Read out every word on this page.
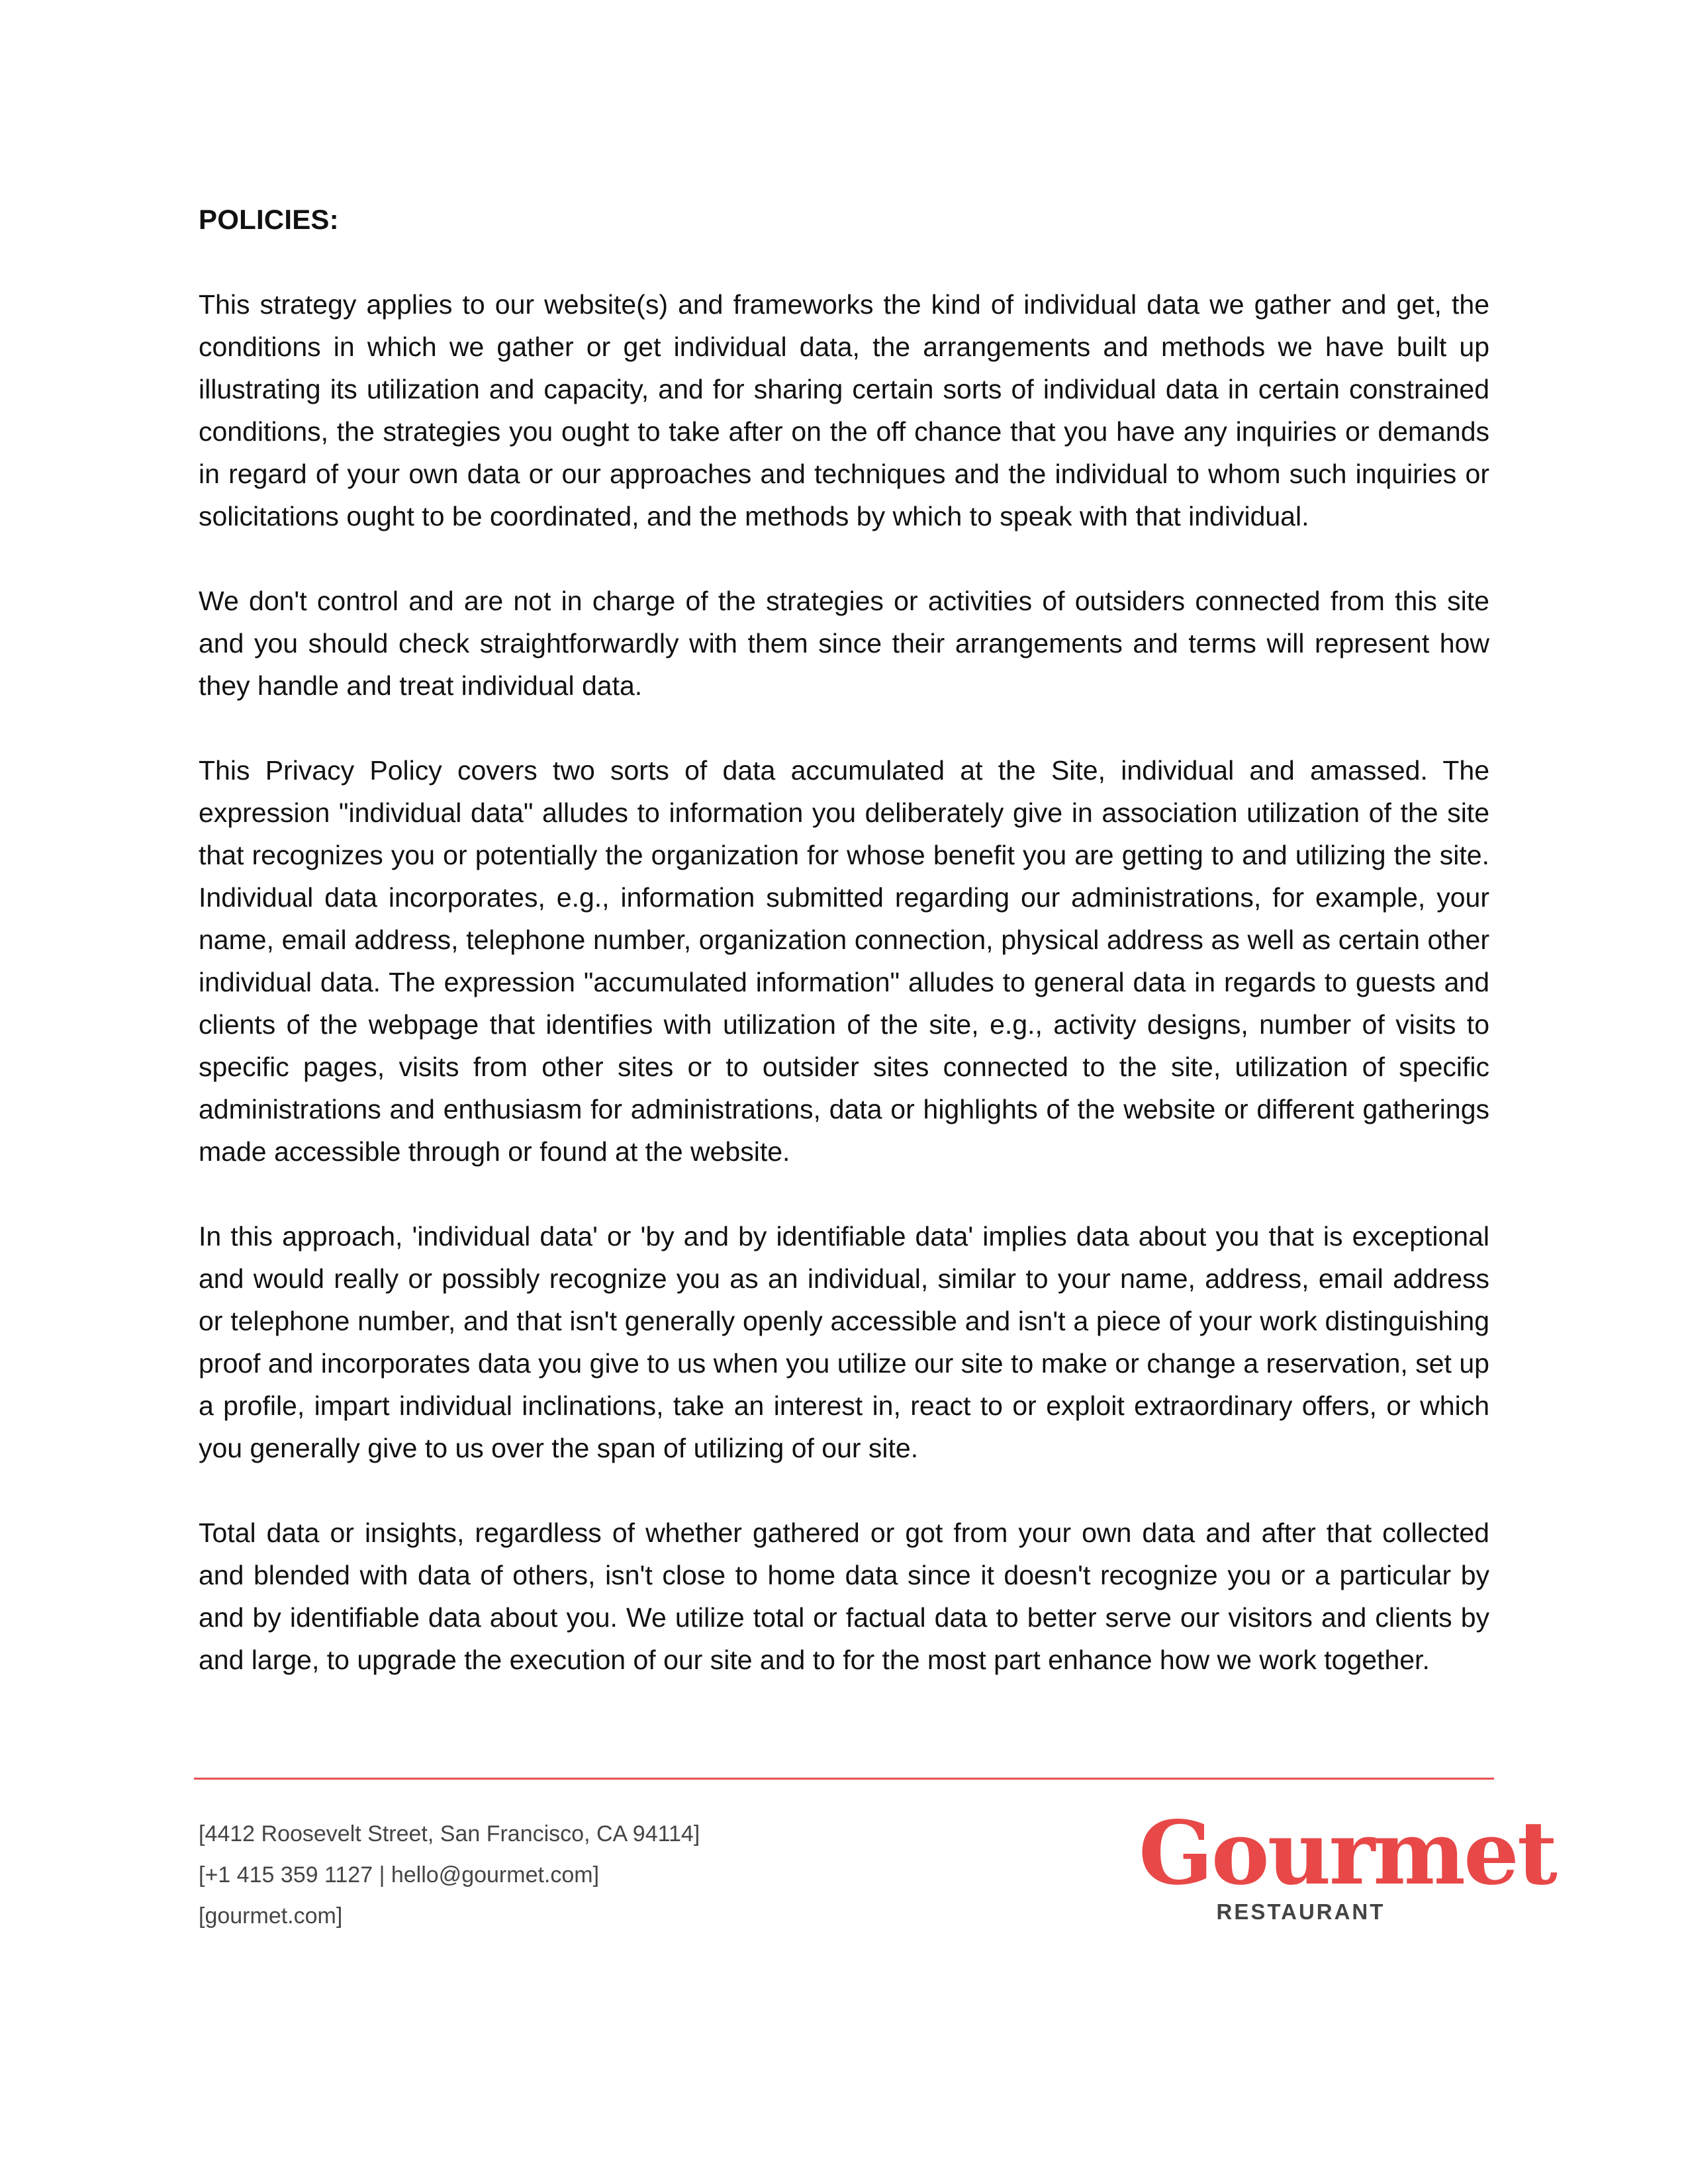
POLICIES:

This strategy applies to our website(s) and frameworks the kind of individual data we gather and get, the conditions in which we gather or get individual data, the arrangements and methods we have built up illustrating its utilization and capacity, and for sharing certain sorts of individual data in certain constrained conditions, the strategies you ought to take after on the off chance that you have any inquiries or demands in regard of your own data or our approaches and techniques and the individual to whom such inquiries or solicitations ought to be coordinated, and the methods by which to speak with that individual.

We don't control and are not in charge of the strategies or activities of outsiders connected from this site and you should check straightforwardly with them since their arrangements and terms will represent how they handle and treat individual data.

This Privacy Policy covers two sorts of data accumulated at the Site, individual and amassed. The expression "individual data" alludes to information you deliberately give in association utilization of the site that recognizes you or potentially the organization for whose benefit you are getting to and utilizing the site. Individual data incorporates, e.g., information submitted regarding our administrations, for example, your name, email address, telephone number, organization connection, physical address as well as certain other individual data. The expression "accumulated information" alludes to general data in regards to guests and clients of the webpage that identifies with utilization of the site, e.g., activity designs, number of visits to specific pages, visits from other sites or to outsider sites connected to the site, utilization of specific administrations and enthusiasm for administrations, data or highlights of the website or different gatherings made accessible through or found at the website.

In this approach, 'individual data' or 'by and by identifiable data' implies data about you that is exceptional and would really or possibly recognize you as an individual, similar to your name, address, email address or telephone number, and that isn't generally openly accessible and isn't a piece of your work distinguishing proof and incorporates data you give to us when you utilize our site to make or change a reservation, set up a profile, impart individual inclinations, take an interest in, react to or exploit extraordinary offers, or which you generally give to us over the span of utilizing of our site.

Total data or insights, regardless of whether gathered or got from your own data and after that collected and blended with data of others, isn't close to home data since it doesn't recognize you or a particular by and by identifiable data about you. We utilize total or factual data to better serve our visitors and clients by and large, to upgrade the execution of our site and to for the most part enhance how we work together.

[4412 Roosevelt Street, San Francisco, CA 94114]
[+1 415 359 1127 | hello@gourmet.com]
[gourmet.com]
Gourmet
RESTAURANT
